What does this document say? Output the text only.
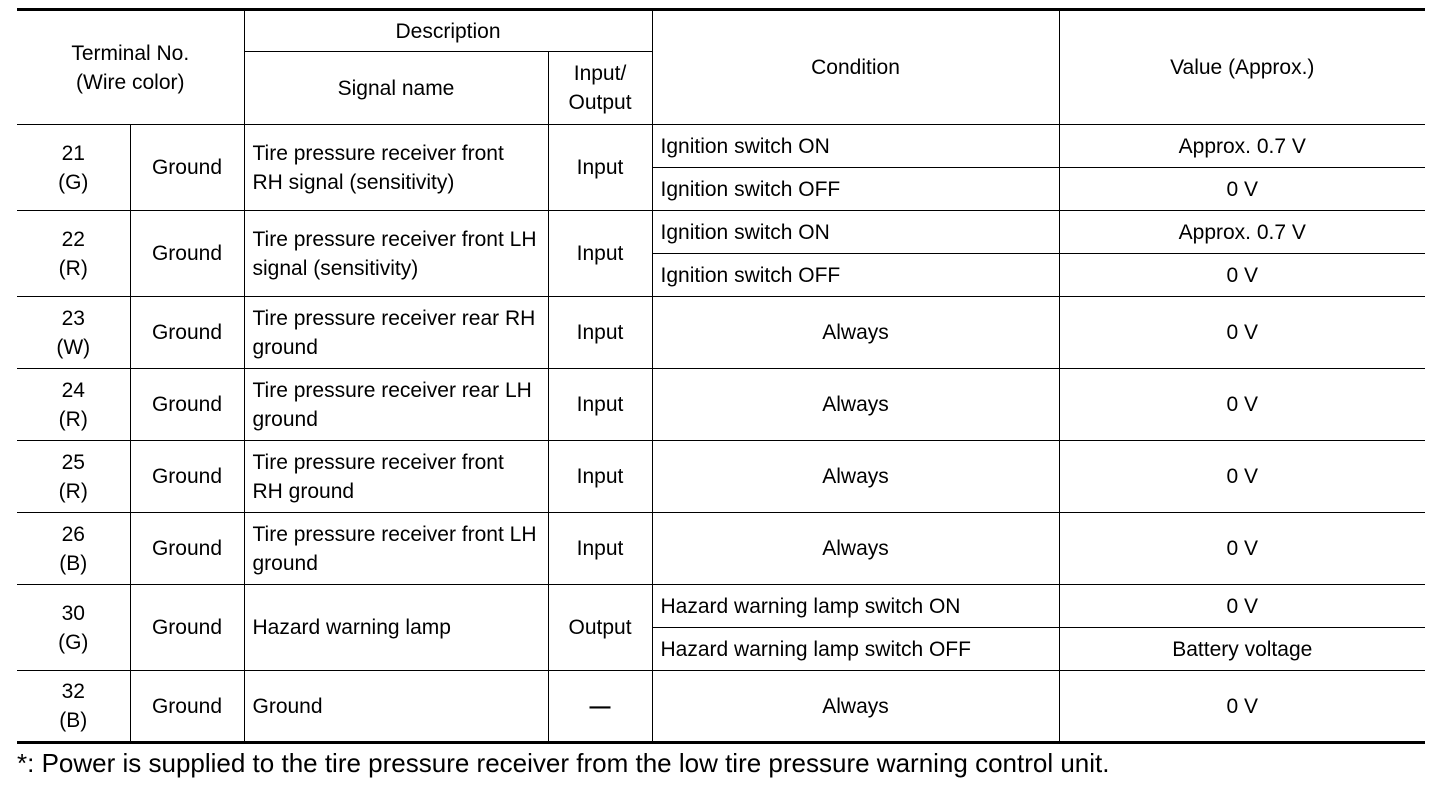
Terminal No.
(Wire color)		Description		Condition	Value (Approx.)
		Signal name	Input/
Output		

21
(G)	Ground	Tire pressure receiver front RH signal (sensitivity)	Input	Ignition switch ON	Approx. 0.7 V
				Ignition switch OFF	0 V

22
(R)	Ground	Tire pressure receiver front LH signal (sensitivity)	Input	Ignition switch ON	Approx. 0.7 V
				Ignition switch OFF	0 V

23
(W)	Ground	Tire pressure receiver rear RH ground	Input	Always	0 V

24
(R)	Ground	Tire pressure receiver rear LH ground	Input	Always	0 V

25
(R)	Ground	Tire pressure receiver front RH ground	Input	Always	0 V

26
(B)	Ground	Tire pressure receiver front LH ground	Input	Always	0 V

30
(G)	Ground	Hazard warning lamp	Output	Hazard warning lamp switch ON	0 V
				Hazard warning lamp switch OFF	Battery voltage

32
(B)	Ground	Ground	—	Always	0 V
*: Power is supplied to the tire pressure receiver from the low tire pressure warning control unit.
